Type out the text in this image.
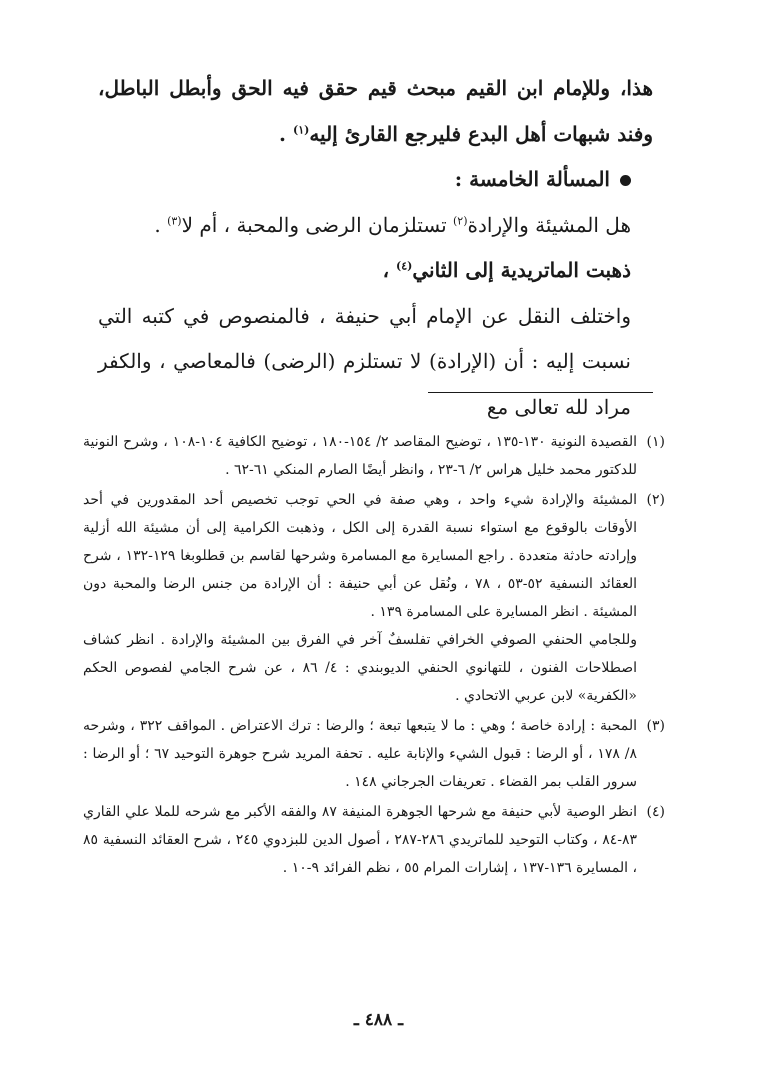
هذا، وللإمام ابن القيم مبحث قيم حقق فيه الحق وأبطل الباطل، وفند شبهات أهل البدع فليرجع القارئ إليه$^{(١)}$ .

المسألة الخامسة :

هل المشيئة والإرادة$^{(٢)}$ تستلزمان الرضى والمحبة ، أم لا$^{(٣)}$ .

ذهبت الماتريدية إلى الثاني$^{(٤)}$ ،

واختلف النقل عن الإمام أبي حنيفة ، فالمنصوص في كتبه التي نسبت إليه : أن (الإرادة) لا تستلزم (الرضى) فالمعاصي ، والكفر مراد لله تعالى مع

(١)

القصيدة النونية ١٣٠-١٣٥ ، توضيح المقاصد ٢/ ١٥٤-١٨٠ ، توضيح الكافية ١٠٤-١٠٨ ، وشرح النونية للدكتور محمد خليل هراس ٢/ ٦-٢٣ ، وانظر أيضًا الصارم المنكي ٦١-٦٢ .

(٢)

المشيئة والإرادة شيء واحد ، وهي صفة في الحي توجب تخصيص أحد المقدورين في أحد الأوقات بالوقوع مع استواء نسبة القدرة إلى الكل ، وذهبت الكرامية إلى أن مشيئة الله أزلية وإرادته حادثة متعددة . راجع المسايرة مع المسامرة وشرحها لقاسم بن قطلوبغا ١٢٩-١٣٢ ، شرح العقائد النسفية ٥٢-٥٣ ، ٧٨ ، ونُقل عن أبي حنيفة : أن الإرادة من جنس الرضا والمحبة دون المشيئة . انظر المسايرة على المسامرة ١٣٩ .

وللجامي الحنفي الصوفي الخرافي تفلسفٌ آخر في الفرق بين المشيئة والإرادة . انظر كشاف اصطلاحات الفنون ، للتهانوي الحنفي الديوبندي : ٤/ ٨٦ ، عن شرح الجامي لفصوص الحكم «الكفرية» لابن عربي الاتحادي .

(٣)

المحبة : إرادة خاصة ؛ وهي : ما لا يتبعها تبعة ؛ والرضا : ترك الاعتراض . المواقف ٣٢٢ ، وشرحه ٨/ ١٧٨ ، أو الرضا : قبول الشيء والإنابة عليه . تحفة المريد شرح جوهرة التوحيد ٦٧ ؛ أو الرضا : سرور القلب بمر القضاء . تعريفات الجرجاني ١٤٨ .

(٤)

انظر الوصية لأبي حنيفة مع شرحها الجوهرة المنيفة ٨٧ والفقه الأكبر مع شرحه للملا علي القاري ٨٣-٨٤ ، وكتاب التوحيد للماتريدي ٢٨٦-٢٨٧ ، أصول الدين للبزدوي ٢٤٥ ، شرح العقائد النسفية ٨٥ ، المسايرة ١٣٦-١٣٧ ، إشارات المرام ٥٥ ، نظم الفرائد ٩-١٠ .

ـ ٤٨٨ ـ
